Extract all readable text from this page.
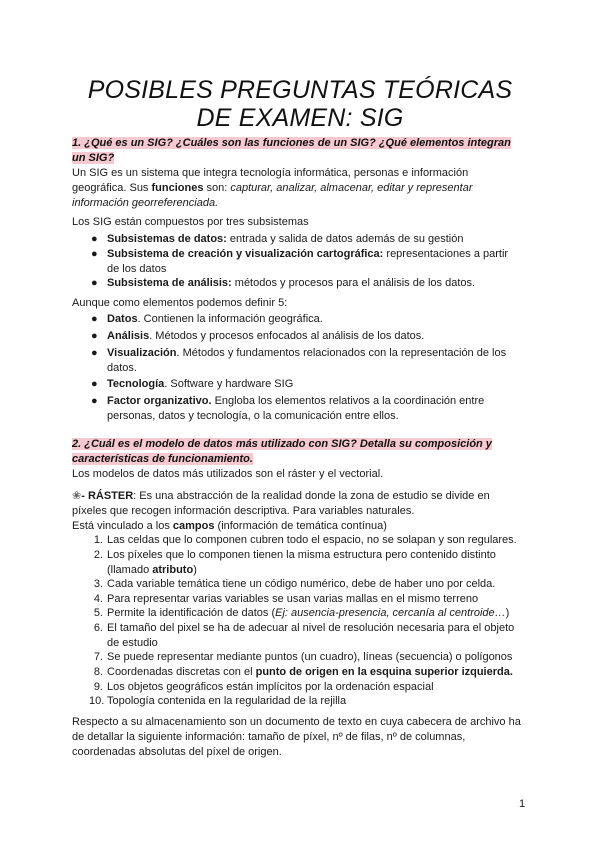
POSIBLES PREGUNTAS TEÓRICAS
DE EXAMEN: SIG
1. ¿Qué es un SIG? ¿Cuáles son las funciones de un SIG? ¿Qué elementos integran
un SIG?
Un SIG es un sistema que integra tecnología informática, personas e información
geográfica. Sus funciones son: capturar, analizar, almacenar, editar y representar
información georreferenciada.
Los SIG están compuestos por tres subsistemas
● Subsistemas de datos: entrada y salida de datos además de su gestión
● Subsistema de creación y visualización cartográfica: representaciones a partir
de los datos
● Subsistema de análisis: métodos y procesos para el análisis de los datos.
Aunque como elementos podemos definir 5:
● Datos. Contienen la información geográfica.
● Análisis. Métodos y procesos enfocados al análisis de los datos.
● Visualización. Métodos y fundamentos relacionados con la representación de los
datos.
● Tecnología. Software y hardware SIG
● Factor organizativo. Engloba los elementos relativos a la coordinación entre
personas, datos y tecnología, o la comunicación entre ellos.
2. ¿Cuál es el modelo de datos más utilizado con SIG? Detalla su composición y
características de funcionamiento.
Los modelos de datos más utilizados son el ráster y el vectorial.
❀- RÁSTER: Es una abstracción de la realidad donde la zona de estudio se divide en
píxeles que recogen información descriptiva. Para variables naturales.
Está vinculado a los campos (información de temática contínua)
1. Las celdas que lo componen cubren todo el espacio, no se solapan y son regulares.
2. Los píxeles que lo componen tienen la misma estructura pero contenido distinto
(llamado atributo)
3. Cada variable temática tiene un código numérico, debe de haber uno por celda.
4. Para representar varias variables se usan varias mallas en el mismo terreno
5. Permite la identificación de datos (Ej: ausencia-presencia, cercanía al centroide…)
6. El tamaño del pixel se ha de adecuar al nivel de resolución necesaria para el objeto
de estudio
7. Se puede representar mediante puntos (un cuadro), líneas (secuencia) o polígonos
8. Coordenadas discretas con el punto de origen en la esquina superior izquierda.
9. Los objetos geográficos están implícitos por la ordenación espacial
10. Topología contenida en la regularidad de la rejilla
Respecto a su almacenamiento son un documento de texto en cuya cabecera de archivo ha
de detallar la siguiente información: tamaño de píxel, nº de filas, nº de columnas,
coordenadas absolutas del píxel de origen.
1
